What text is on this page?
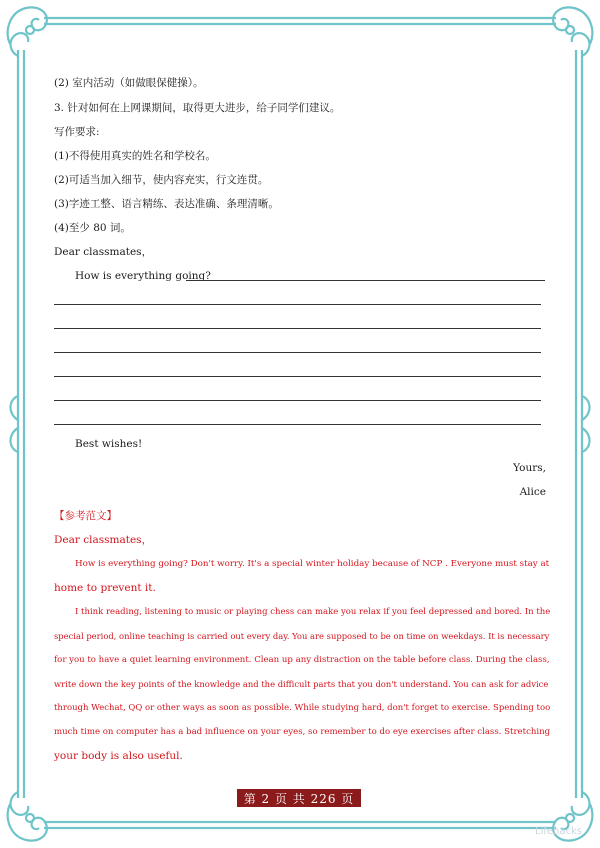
(2) 室内活动（如做眼保健操）。
3. 针对如何在上网课期间，取得更大进步，给子同学们建议。
写作要求:
(1)不得使用真实的姓名和学校名。
(2)可适当加入细节，使内容充实，行文连贯。
(3)字迹工整、语言精练、表达准确、条理清晰。
(4)至少 80 词。
Dear classmates，
How is everything going?
Best wishes!
Yours,
Alice
【参考范文】
Dear classmates，
How is everything going? Don't worry. It's a special winter holiday because of NCP . Everyone must stay at
home to prevent it.
I think reading, listening to music or playing chess can make you relax if you feel depressed and bored. In the
special period, online teaching is carried out every day. You are supposed to be on time on weekdays. It is necessary
for you to have a quiet learning environment. Clean up any distraction on the table before class. During the class,
write down the key points of the knowledge and the difficult parts that you don't understand. You can ask for advice
through Wechat, QQ or other ways as soon as possible. While studying hard, don't forget to exercise. Spending too
much time on computer has a bad influence on your eyes, so remember to do eye exercises after class. Stretching
your body is also useful.
第 2 页 共 226 页
Lifehacks
